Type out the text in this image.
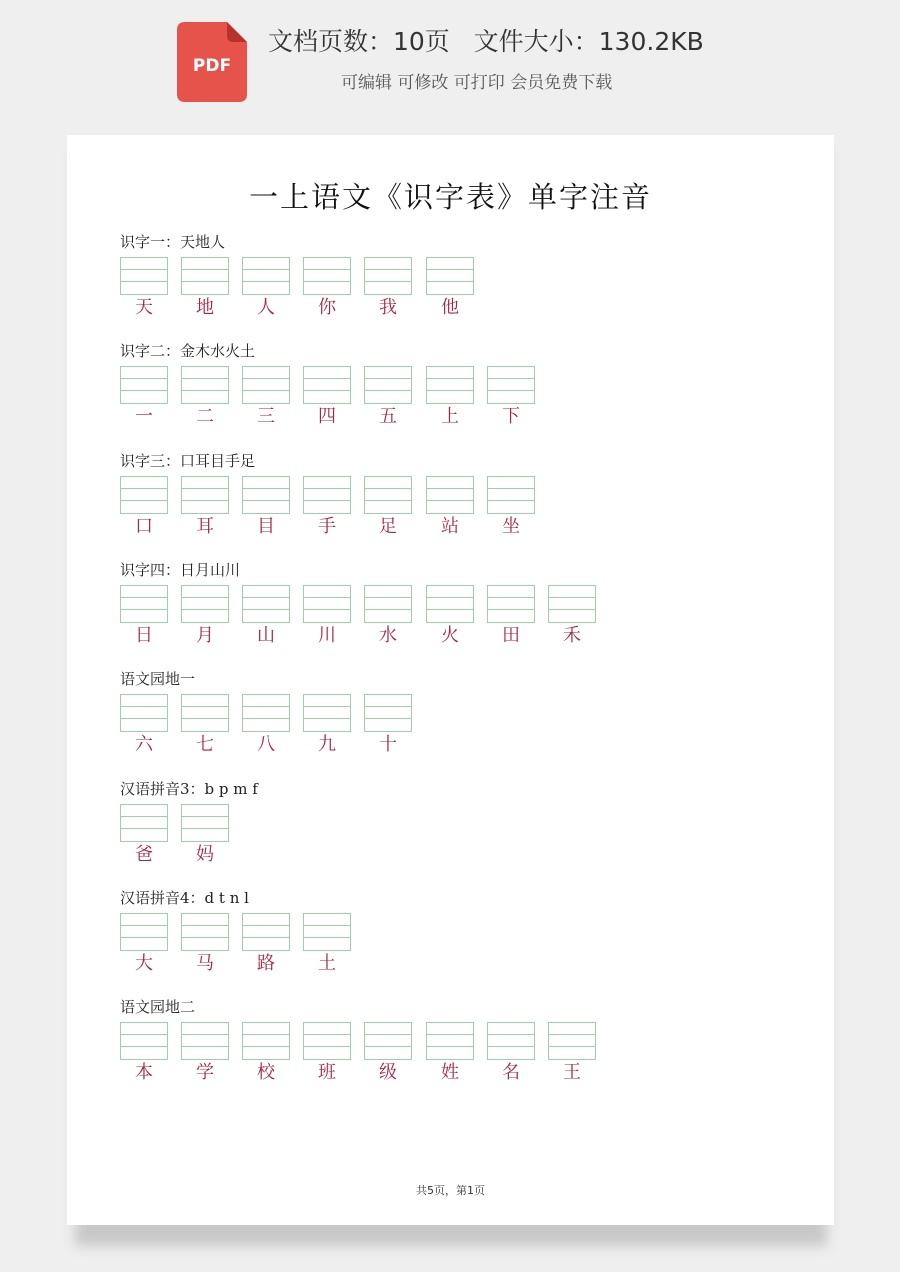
PDF
文档页数：10页   文件大小：130.2KB
可编辑 可修改 可打印 会员免费下载
一上语文《识字表》单字注音
识字一：天地人
天	地	人	你	我	他
识字二：金木水火土
一	二	三	四	五	上	下
识字三：口耳目手足
口	耳	目	手	足	站	坐
识字四：日月山川
日	月	山	川	水	火	田	禾
语文园地一
六	七	八	九	十
汉语拼音3：b p m f
爸	妈
汉语拼音4：d t n l
大	马	路	土
语文园地二
本	学	校	班	级	姓	名	王
共5页，第1页
